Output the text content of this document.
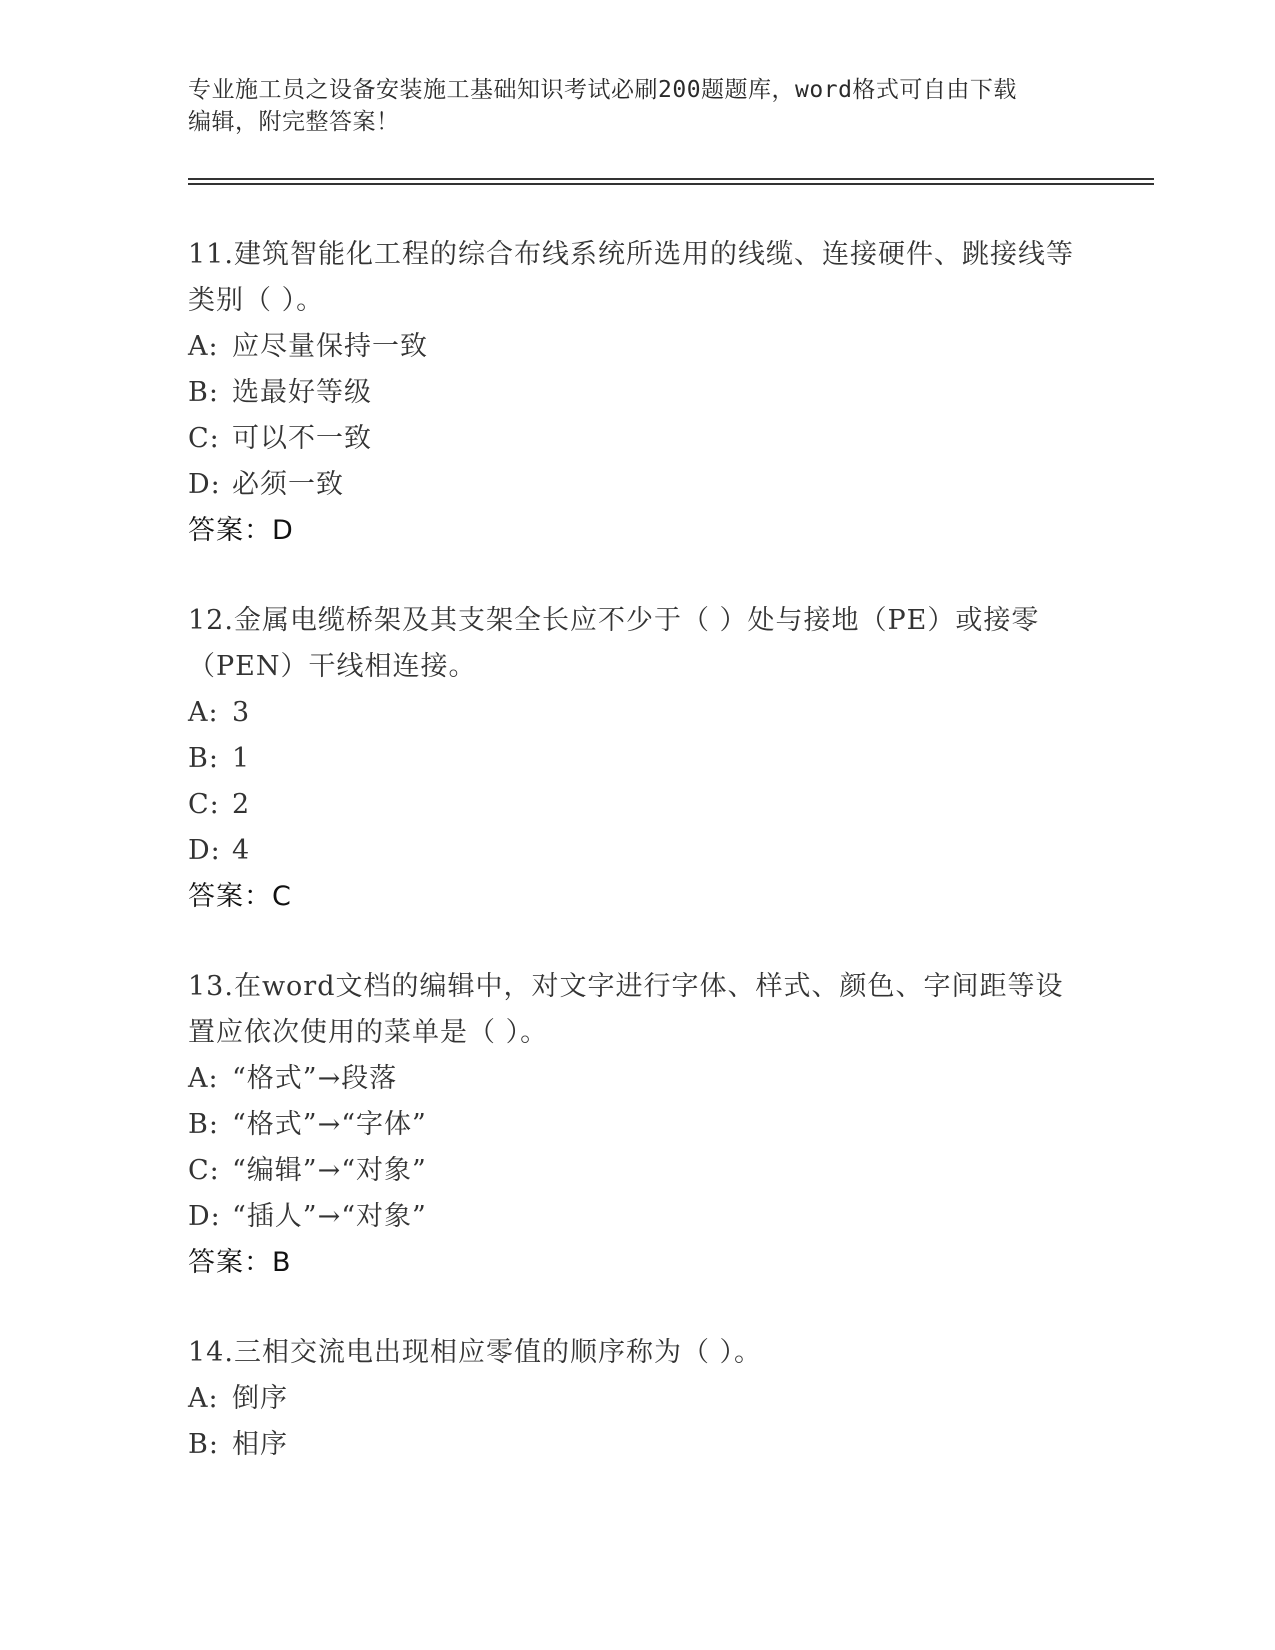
专业施工员之设备安装施工基础知识考试必刷200题题库，word格式可自由下载
编辑，附完整答案！

11.建筑智能化工程的综合布线系统所选用的线缆、连接硬件、跳接线等类别（ ）。

A: 应尽量保持一致
B: 选最好等级
C: 可以不一致
D: 必须一致
答案：D

12.金属电缆桥架及其支架全长应不少于（ ）处与接地（PE）或接零（PEN）干线相连接。

A: 3
B: 1
C: 2
D: 4
答案：C

13.在word文档的编辑中，对文字进行字体、样式、颜色、字间距等设置应依次使用的菜单是（ ）。

A: “格式”→段落
B: “格式”→“字体”
C: “编辑”→“对象”
D: “插人”→“对象”
答案：B

14.三相交流电出现相应零值的顺序称为（ ）。

A: 倒序
B: 相序
